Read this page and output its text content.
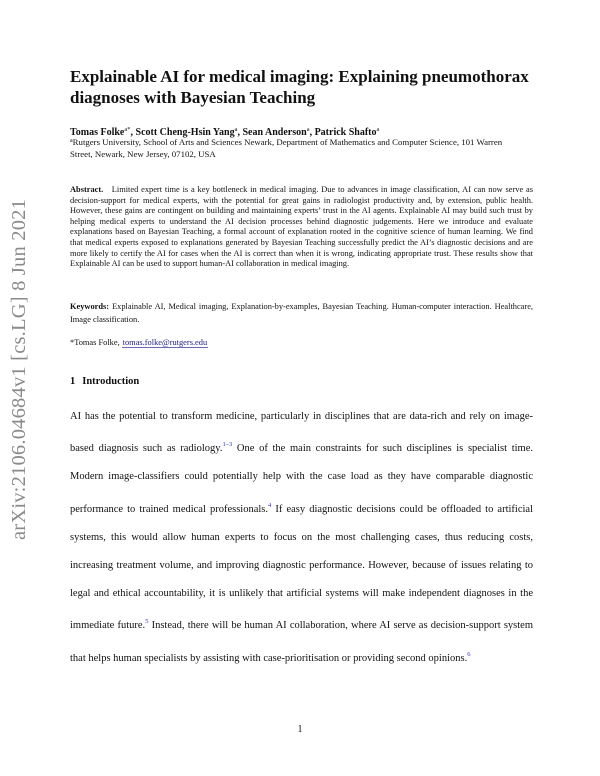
arXiv:2106.04684v1 [cs.LG] 8 Jun 2021
Explainable AI for medical imaging: Explaining pneumothorax diagnoses with Bayesian Teaching
Tomas Folke$^{a*}$, Scott Cheng-Hsin Yang$^a$, Sean Anderson$^a$, Patrick Shafto$^a$
$^a$Rutgers University, School of Arts and Sciences Newark, Department of Mathematics and Computer Science, 101 Warren Street, Newark, New Jersey, 07102, USA

Abstract. Limited expert time is a key bottleneck in medical imaging. Due to advances in image classification, AI can now serve as decision-support for medical experts, with the potential for great gains in radiologist productivity and, by extension, public health. However, these gains are contingent on building and maintaining experts’ trust in the AI agents. Explainable AI may build such trust by helping medical experts to understand the AI decision processes behind diagnostic judgements. Here we introduce and evaluate explanations based on Bayesian Teaching, a formal account of explanation rooted in the cognitive science of human learning. We find that medical experts exposed to explanations generated by Bayesian Teaching successfully predict the AI’s diagnostic decisions and are more likely to certify the AI for cases when the AI is correct than when it is wrong, indicating appropriate trust. These results show that Explainable AI can be used to support human-AI collaboration in medical imaging.

Keywords: Explainable AI, Medical imaging, Explanation-by-examples, Bayesian Teaching. Human-computer interaction. Healthcare, Image classification.

*Tomas Folke, tomas.folke@rutgers.edu
1 Introduction

AI has the potential to transform medicine, particularly in disciplines that are data-rich and rely on image-based diagnosis such as radiology.$^{1-3}$ One of the main constraints for such disciplines is specialist time. Modern image-classifiers could potentially help with the case load as they have comparable diagnostic performance to trained medical professionals.$^4$ If easy diagnostic decisions could be offloaded to artificial systems, this would allow human experts to focus on the most challenging cases, thus reducing costs, increasing treatment volume, and improving diagnostic performance. However, because of issues relating to legal and ethical accountability, it is unlikely that artificial systems will make independent diagnoses in the immediate future.$^5$ Instead, there will be human AI collaboration, where AI serve as decision-support system that helps human specialists by assisting with case-prioritisation or providing second opinions.$^6$

1
